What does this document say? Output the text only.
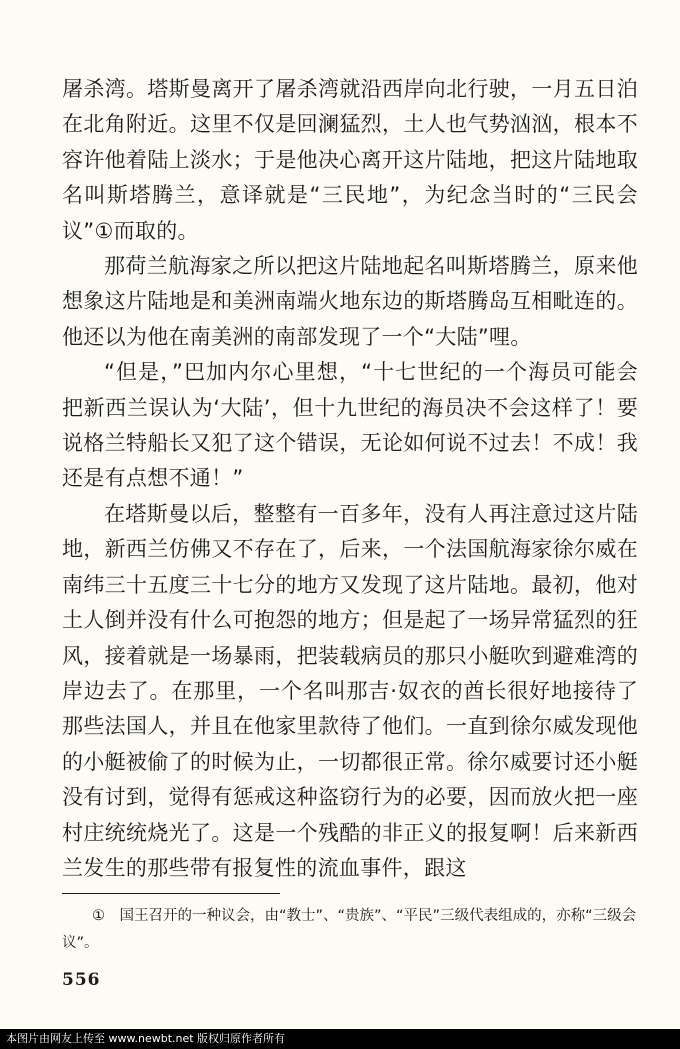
屠杀湾。塔斯曼离开了屠杀湾就沿西岸向北行驶，一月五日泊在北角附近。这里不仅是回澜猛烈，土人也气势汹汹，根本不容许他着陆上淡水；于是他决心离开这片陆地，把这片陆地取名叫斯塔腾兰，意译就是“三民地”，为纪念当时的“三民会议”①而取的。

那荷兰航海家之所以把这片陆地起名叫斯塔腾兰，原来他想象这片陆地是和美洲南端火地东边的斯塔腾岛互相毗连的。他还以为他在南美洲的南部发现了一个“大陆”哩。

“但是，”巴加内尔心里想，“十七世纪的一个海员可能会把新西兰误认为‘大陆’，但十九世纪的海员决不会这样了！要说格兰特船长又犯了这个错误，无论如何说不过去！不成！我还是有点想不通！”

在塔斯曼以后，整整有一百多年，没有人再注意过这片陆地，新西兰仿佛又不存在了，后来，一个法国航海家徐尔威在南纬三十五度三十七分的地方又发现了这片陆地。最初，他对土人倒并没有什么可抱怨的地方；但是起了一场异常猛烈的狂风，接着就是一场暴雨，把装载病员的那只小艇吹到避难湾的岸边去了。在那里，一个名叫那吉·奴衣的酋长很好地接待了那些法国人，并且在他家里款待了他们。一直到徐尔威发现他的小艇被偷了的时候为止，一切都很正常。徐尔威要讨还小艇没有讨到，觉得有惩戒这种盗窃行为的必要，因而放火把一座村庄统统烧光了。这是一个残酷的非正义的报复啊！后来新西兰发生的那些带有报复性的流血事件，跟这

①　国王召开的一种议会，由“教士”、“贵族”、“平民”三级代表组成的，亦称“三级会议”。
556
本图片由网友上传至 www.newbt.net 版权归原作者所有
